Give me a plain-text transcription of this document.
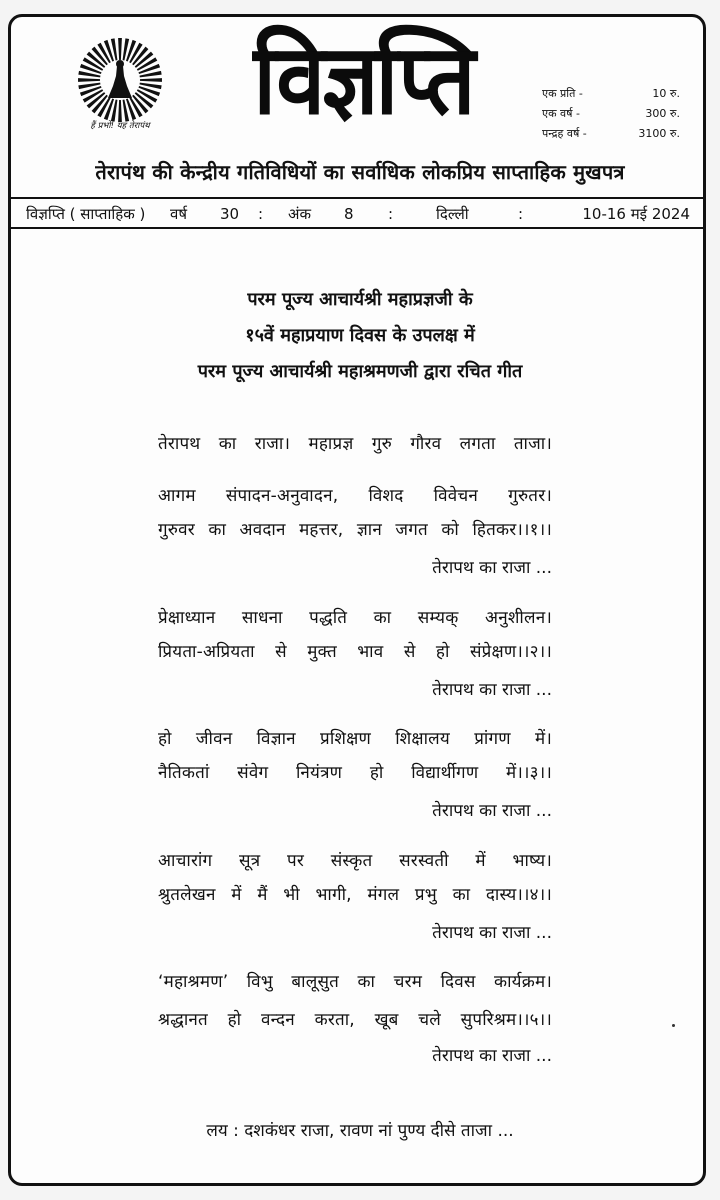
हैं प्रभो! यह तेरापंथ	विज्ञप्ति	एक प्रति -	10 रु.
एक वर्ष -	300 रु.
पन्द्रह वर्ष -	3100 रु.
तेरापंथ की केन्द्रीय गतिविधियों का सर्वाधिक लोकप्रिय साप्ताहिक मुखपत्र
विज्ञप्ति ( साप्ताहिक ) वर्ष 30 : अंक 8 :	दिल्ली	:	10-16 मई 2024
परम पूज्य आचार्यश्री महाप्रज्ञजी के
१५वें महाप्रयाण दिवस के उपलक्ष में
परम पूज्य आचार्यश्री महाश्रमणजी द्वारा रचित गीत
तेरापथ का राजा। महाप्रज्ञ गुरु गौरव लगता ताजा।
आगम संपादन-अनुवादन, विशद विवेचन गुरुतर।
गुरुवर का अवदान महत्तर, ज्ञान जगत को हितकर।।१।।
तेरापथ का राजा ...
प्रेक्षाध्यान साधना पद्धति का सम्यक् अनुशीलन।
प्रियता-अप्रियता से मुक्त भाव से हो संप्रेक्षण।।२।।
तेरापथ का राजा ...
हो जीवन विज्ञान प्रशिक्षण शिक्षालय प्रांगण में।
नैतिकतां संवेग नियंत्रण हो विद्यार्थीगण में।।३।।
तेरापथ का राजा ...
आचारांग सूत्र पर संस्कृत सरस्वती में भाष्य।
श्रुतलेखन में मैं भी भागी, मंगल प्रभु का दास्य।।४।।
तेरापथ का राजा ...
‘महाश्रमण’ विभु बालूसुत का चरम दिवस कार्यक्रम।
श्रद्धानत हो वन्दन करता, खूब चले सुपरिश्रम।।५।।
तेरापथ का राजा ...
लय : दशकंधर राजा, रावण नां पुण्य दीसे ताजा ...
